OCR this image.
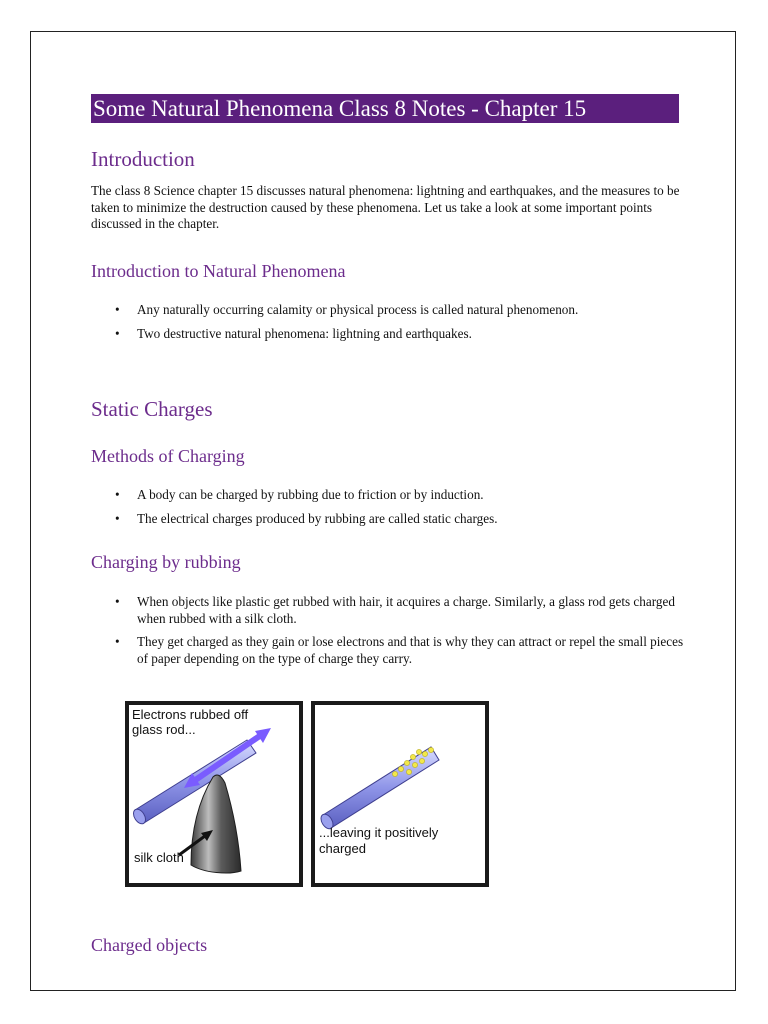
Some Natural Phenomena Class 8 Notes - Chapter 15
Introduction
The class 8 Science chapter 15 discusses natural phenomena: lightning and earthquakes, and the measures to be taken to minimize the destruction caused by these phenomena. Let us take a look at some important points discussed in the chapter.
Introduction to Natural Phenomena
• Any naturally occurring calamity or physical process is called natural phenomenon.
• Two destructive natural phenomena: lightning and earthquakes.
Static Charges
Methods of Charging
• A body can be charged by rubbing due to friction or by induction.
• The electrical charges produced by rubbing are called static charges.
Charging by rubbing
• When objects like plastic get rubbed with hair, it acquires a charge. Similarly, a glass rod gets charged when rubbed with a silk cloth.
• They get charged as they gain or lose electrons and that is why they can attract or repel the small pieces of paper depending on the type of charge they carry.
Electrons rubbed off
glass rod...
silk cloth
...leaving it positively
charged
Charged objects
